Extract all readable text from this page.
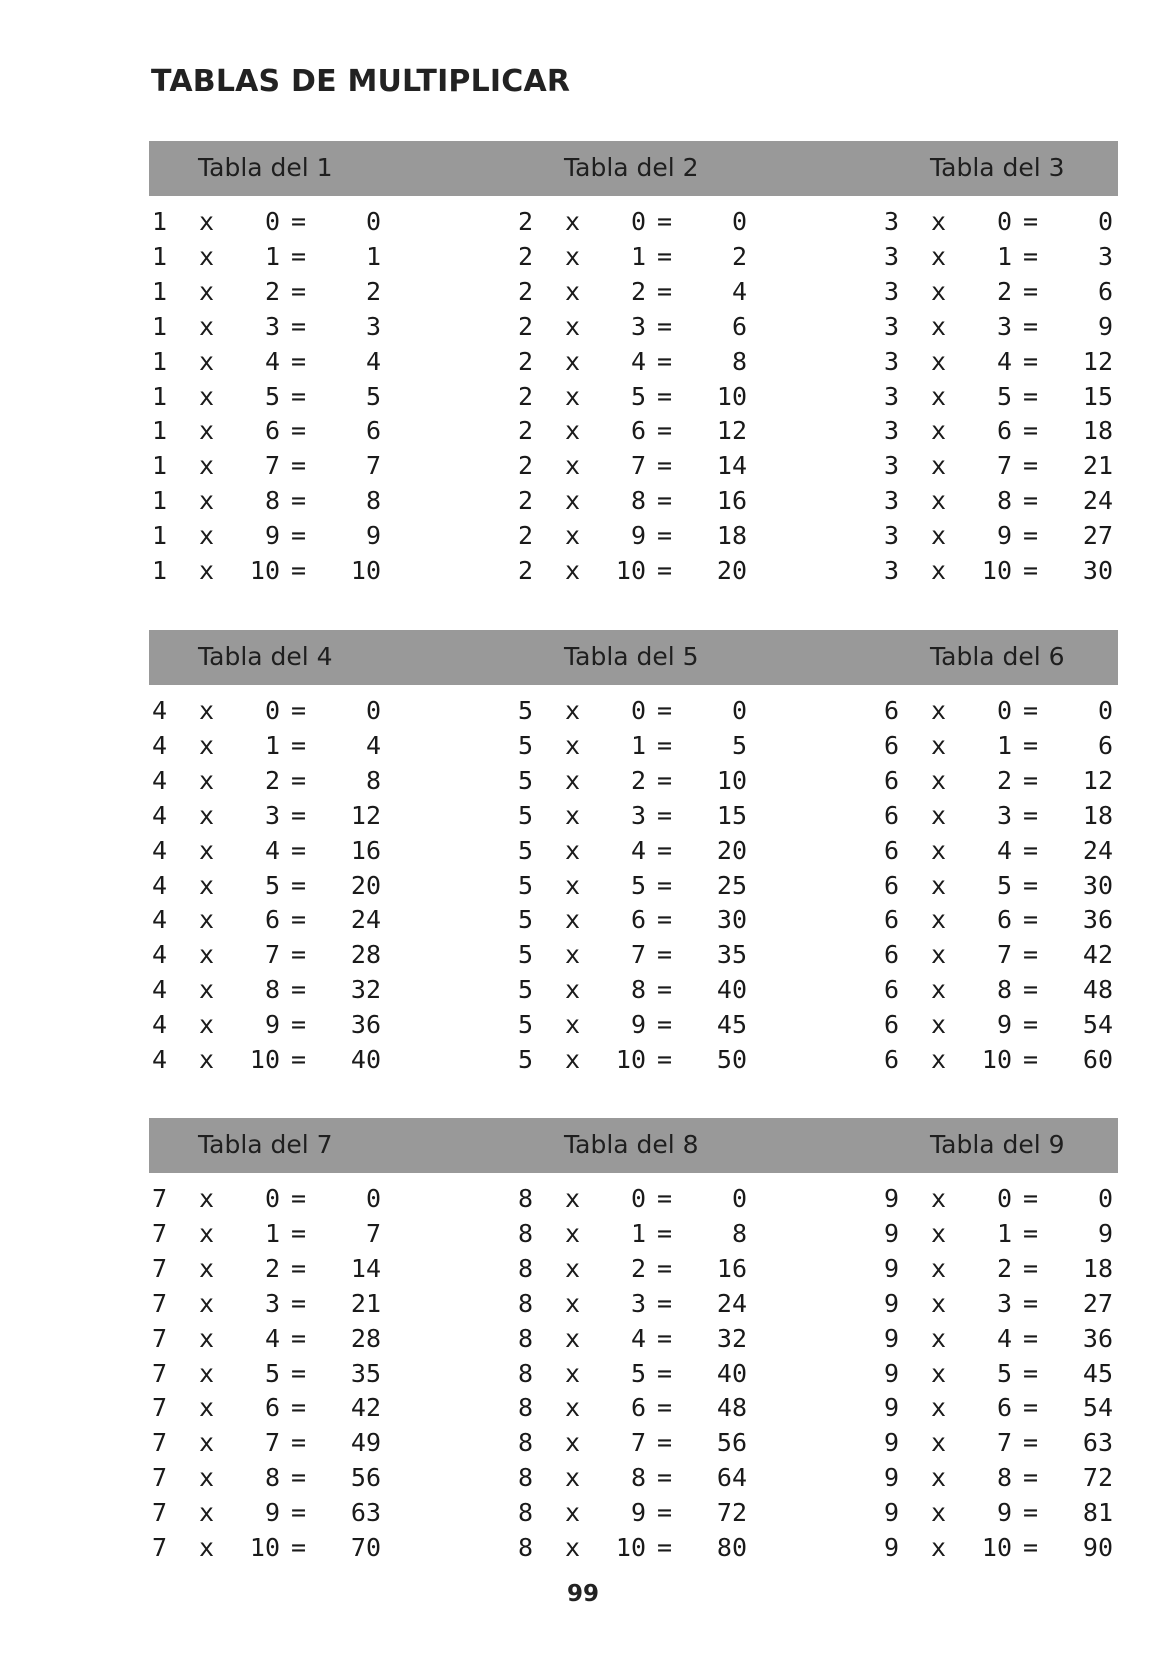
TABLAS DE MULTIPLICAR
Tabla del 1	Tabla del 2	Tabla del 3
1 x	0 =	0	2 x	0 =	0	3 x	0 =	0
1 x	1 =	1	2 x	1 =	2	3 x	1 =	3
1 x	2 =	2	2 x	2 =	4	3 x	2 =	6
1 x	3 =	3	2 x	3 =	6	3 x	3 =	9
1 x	4 =	4	2 x	4 =	8	3 x	4 =	12
1 x	5 =	5	2 x	5 =	10	3 x	5 =	15
1 x	6 =	6	2 x	6 =	12	3 x	6 =	18
1 x	7 =	7	2 x	7 =	14	3 x	7 =	21
1 x	8 =	8	2 x	8 =	16	3 x	8 =	24
1 x	9 =	9	2 x	9 =	18	3 x	9 =	27
1 x	10 =	10	2 x	10 =	20	3 x	10 =	30
Tabla del 4	Tabla del 5	Tabla del 6
4 x	0 =	0	5 x	0 =	0	6 x	0 =	0
4 x	1 =	4	5 x	1 =	5	6 x	1 =	6
4 x	2 =	8	5 x	2 =	10	6 x	2 =	12
4 x	3 =	12	5 x	3 =	15	6 x	3 =	18
4 x	4 =	16	5 x	4 =	20	6 x	4 =	24
4 x	5 =	20	5 x	5 =	25	6 x	5 =	30
4 x	6 =	24	5 x	6 =	30	6 x	6 =	36
4 x	7 =	28	5 x	7 =	35	6 x	7 =	42
4 x	8 =	32	5 x	8 =	40	6 x	8 =	48
4 x	9 =	36	5 x	9 =	45	6 x	9 =	54
4 x	10 =	40	5 x	10 =	50	6 x	10 =	60
Tabla del 7	Tabla del 8	Tabla del 9
7 x	0 =	0	8 x	0 =	0	9 x	0 =	0
7 x	1 =	7	8 x	1 =	8	9 x	1 =	9
7 x	2 =	14	8 x	2 =	16	9 x	2 =	18
7 x	3 =	21	8 x	3 =	24	9 x	3 =	27
7 x	4 =	28	8 x	4 =	32	9 x	4 =	36
7 x	5 =	35	8 x	5 =	40	9 x	5 =	45
7 x	6 =	42	8 x	6 =	48	9 x	6 =	54
7 x	7 =	49	8 x	7 =	56	9 x	7 =	63
7 x	8 =	56	8 x	8 =	64	9 x	8 =	72
7 x	9 =	63	8 x	9 =	72	9 x	9 =	81
7 x	10 =	70	8 x	10 =	80	9 x	10 =	90
99
